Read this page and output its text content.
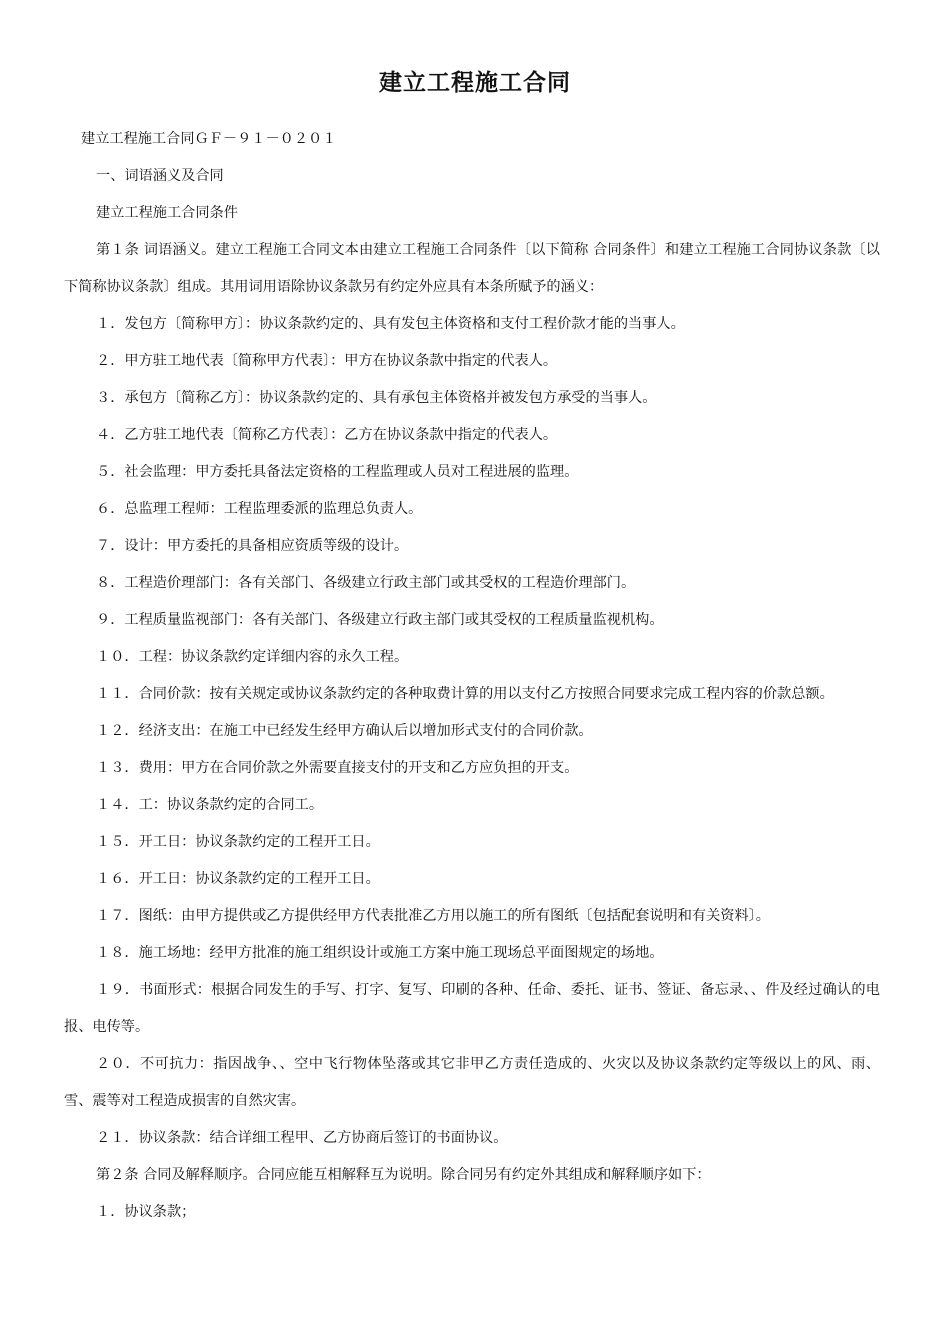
建立工程施工合同

建立工程施工合同ＧＦ－９１－０２０１

一、词语涵义及合同

建立工程施工合同条件

第１条 词语涵义。建立工程施工合同文本由建立工程施工合同条件〔以下简称 合同条件〕和建立工程施工合同协议条款〔以下简称协议条款〕组成。其用词用语除协议条款另有约定外应具有本条所赋予的涵义：

１．发包方〔简称甲方〕：协议条款约定的、具有发包主体资格和支付工程价款才能的当事人。

２．甲方驻工地代表〔简称甲方代表〕：甲方在协议条款中指定的代表人。

３．承包方〔简称乙方〕：协议条款约定的、具有承包主体资格并被发包方承受的当事人。

４．乙方驻工地代表〔简称乙方代表〕：乙方在协议条款中指定的代表人。

５．社会监理：甲方委托具备法定资格的工程监理或人员对工程进展的监理。

６．总监理工程师：工程监理委派的监理总负责人。

７．设计：甲方委托的具备相应资质等级的设计。

８．工程造价理部门：各有关部门、各级建立行政主部门或其受权的工程造价理部门。

９．工程质量监视部门：各有关部门、各级建立行政主部门或其受权的工程质量监视机构。

１０．工程：协议条款约定详细内容的永久工程。

１１．合同价款：按有关规定或协议条款约定的各种取费计算的用以支付乙方按照合同要求完成工程内容的价款总额。

１２．经济支出：在施工中已经发生经甲方确认后以增加形式支付的合同价款。

１３．费用：甲方在合同价款之外需要直接支付的开支和乙方应负担的开支。

１４．工：协议条款约定的合同工。

１５．开工日：协议条款约定的工程开工日。

１６．开工日：协议条款约定的工程开工日。

１７．图纸：由甲方提供或乙方提供经甲方代表批准乙方用以施工的所有图纸〔包括配套说明和有关资料〕。

１８．施工场地：经甲方批准的施工组织设计或施工方案中施工现场总平面图规定的场地。

１９．书面形式：根据合同发生的手写、打字、复写、印刷的各种、任命、委托、证书、签证、备忘录、、件及经过确认的电报、电传等。

２０．不可抗力：指因战争、、空中飞行物体坠落或其它非甲乙方责任造成的、火灾以及协议条款约定等级以上的风、雨、雪、震等对工程造成损害的自然灾害。

２１．协议条款：结合详细工程甲、乙方协商后签订的书面协议。

第２条 合同及解释顺序。合同应能互相解释互为说明。除合同另有约定外其组成和解释顺序如下：

１．协议条款；
